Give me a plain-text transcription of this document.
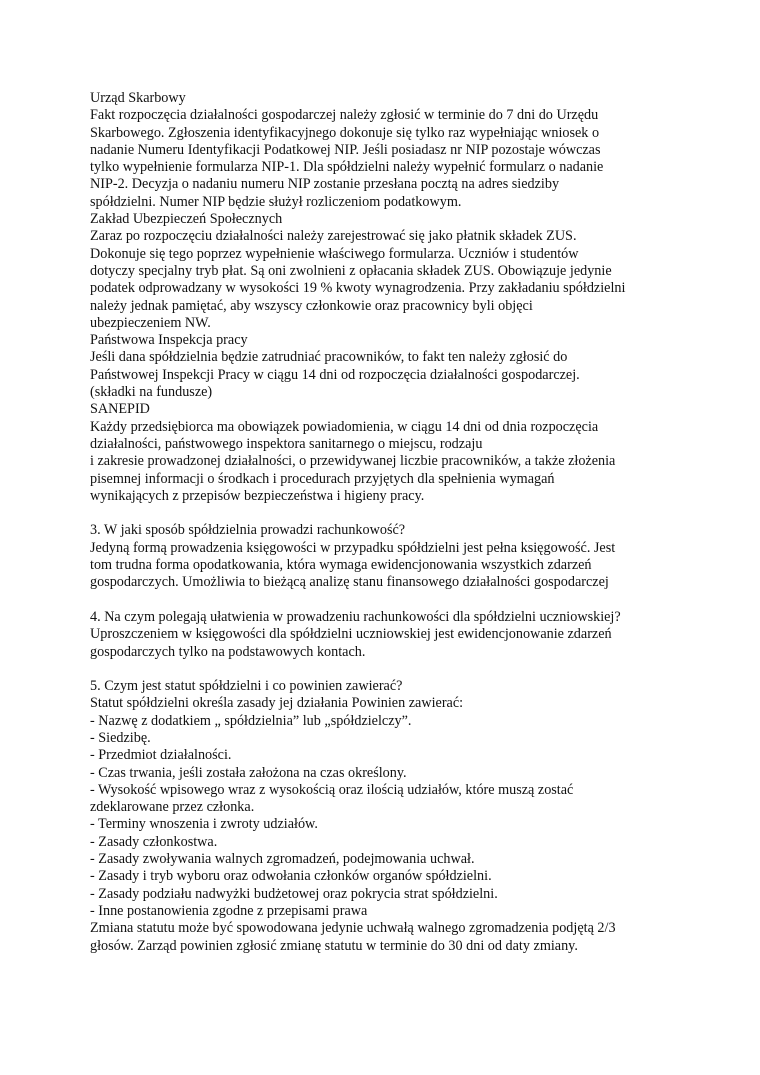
Urząd Skarbowy
Fakt rozpoczęcia działalności gospodarczej należy zgłosić w terminie do 7 dni do Urzędu
Skarbowego. Zgłoszenia identyfikacyjnego dokonuje się tylko raz wypełniając wniosek o
nadanie Numeru Identyfikacji Podatkowej NIP. Jeśli posiadasz nr NIP pozostaje wówczas
tylko wypełnienie formularza NIP-1. Dla spółdzielni należy wypełnić formularz o nadanie
NIP-2. Decyzja o nadaniu numeru NIP zostanie przesłana pocztą na adres siedziby
spółdzielni. Numer NIP będzie służył rozliczeniom podatkowym.
Zakład Ubezpieczeń Społecznych
Zaraz po rozpoczęciu działalności należy zarejestrować się jako płatnik składek ZUS.
Dokonuje się tego poprzez wypełnienie właściwego formularza. Uczniów i studentów
dotyczy specjalny tryb płat. Są oni zwolnieni z opłacania składek ZUS. Obowiązuje jedynie
podatek odprowadzany w wysokości 19 % kwoty wynagrodzenia. Przy zakładaniu spółdzielni
należy jednak pamiętać, aby wszyscy członkowie oraz pracownicy byli objęci
ubezpieczeniem NW.
Państwowa Inspekcja pracy
Jeśli dana spółdzielnia będzie zatrudniać pracowników, to fakt ten należy zgłosić do
Państwowej Inspekcji Pracy w ciągu 14 dni od rozpoczęcia działalności gospodarczej.
(składki na fundusze)
SANEPID
Każdy przedsiębiorca ma obowiązek powiadomienia, w ciągu 14 dni od dnia rozpoczęcia
działalności, państwowego inspektora sanitarnego o miejscu, rodzaju
i zakresie prowadzonej działalności, o przewidywanej liczbie pracowników, a także złożenia
pisemnej informacji o środkach i procedurach przyjętych dla spełnienia wymagań
wynikających z przepisów bezpieczeństwa i higieny pracy.
3. W jaki sposób spółdzielnia prowadzi rachunkowość?
Jedyną formą prowadzenia księgowości w przypadku spółdzielni jest pełna księgowość. Jest
tom trudna forma opodatkowania, która wymaga ewidencjonowania wszystkich zdarzeń
gospodarczych. Umożliwia to bieżącą analizę stanu finansowego działalności gospodarczej
4. Na czym polegają ułatwienia w prowadzeniu rachunkowości dla spółdzielni uczniowskiej?
Uproszczeniem w księgowości dla spółdzielni uczniowskiej jest ewidencjonowanie zdarzeń
gospodarczych tylko na podstawowych kontach.
5. Czym jest statut spółdzielni i co powinien zawierać?
Statut spółdzielni określa zasady jej działania Powinien zawierać:
- Nazwę z dodatkiem „ spółdzielnia” lub „spółdzielczy”.
- Siedzibę.
- Przedmiot działalności.
- Czas trwania, jeśli została założona na czas określony.
- Wysokość wpisowego wraz z wysokością oraz ilością udziałów, które muszą zostać
zdeklarowane przez członka.
- Terminy wnoszenia i zwroty udziałów.
- Zasady członkostwa.
- Zasady zwoływania walnych zgromadzeń, podejmowania uchwał.
- Zasady i tryb wyboru oraz odwołania członków organów spółdzielni.
- Zasady podziału nadwyżki budżetowej oraz pokrycia strat spółdzielni.
- Inne postanowienia zgodne z przepisami prawa
Zmiana statutu może być spowodowana jedynie uchwałą walnego zgromadzenia podjętą 2/3
głosów. Zarząd powinien zgłosić zmianę statutu w terminie do 30 dni od daty zmiany.
